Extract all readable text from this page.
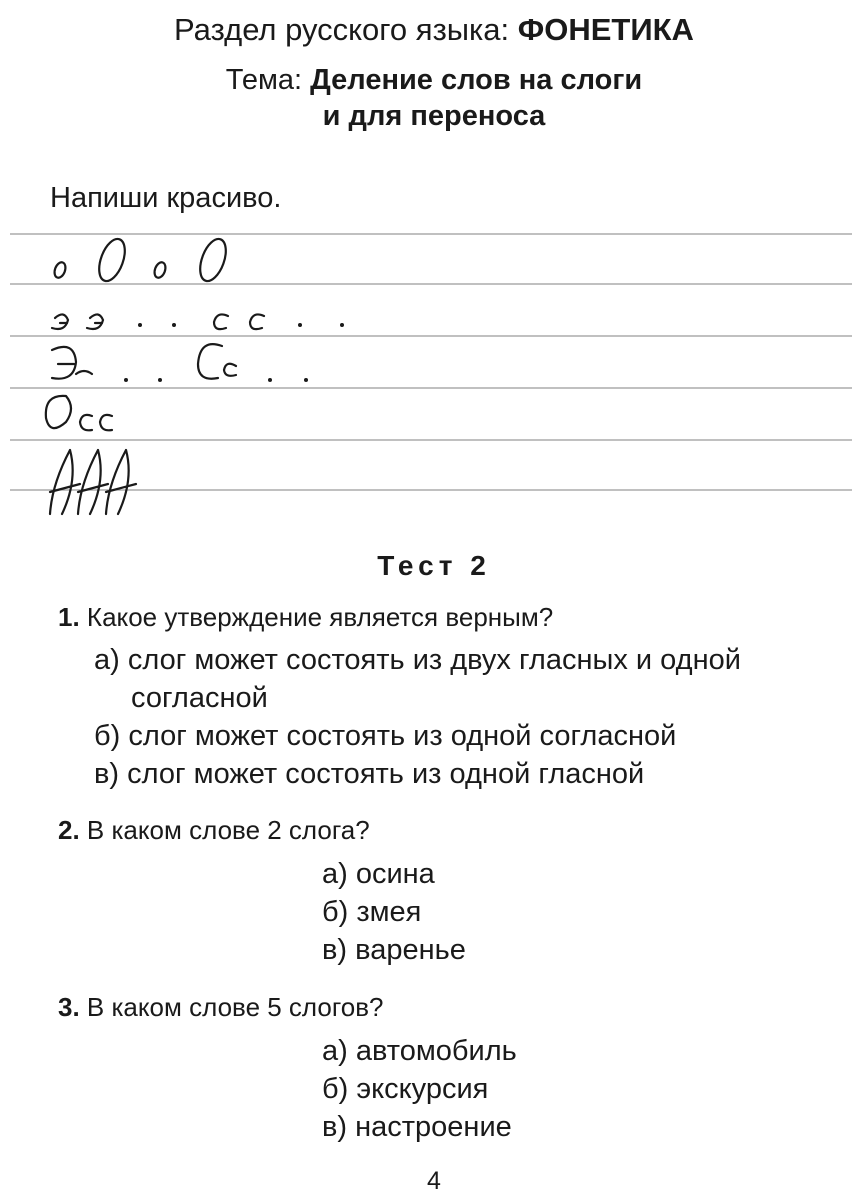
Раздел русского языка: ФОНЕТИКА
Тема: Деление слов на слоги
и для переноса
Напиши красиво.
Тест 2
1. Какое утверждение является верным?
а) слог может состоять из двух гласных и одной
согласной
б) слог может состоять из одной согласной
в) слог может состоять из одной гласной
2. В каком слове 2 слога?
а) осина
б) змея
в) варенье
3. В каком слове 5 слогов?
а) автомобиль
б) экскурсия
в) настроение
4
